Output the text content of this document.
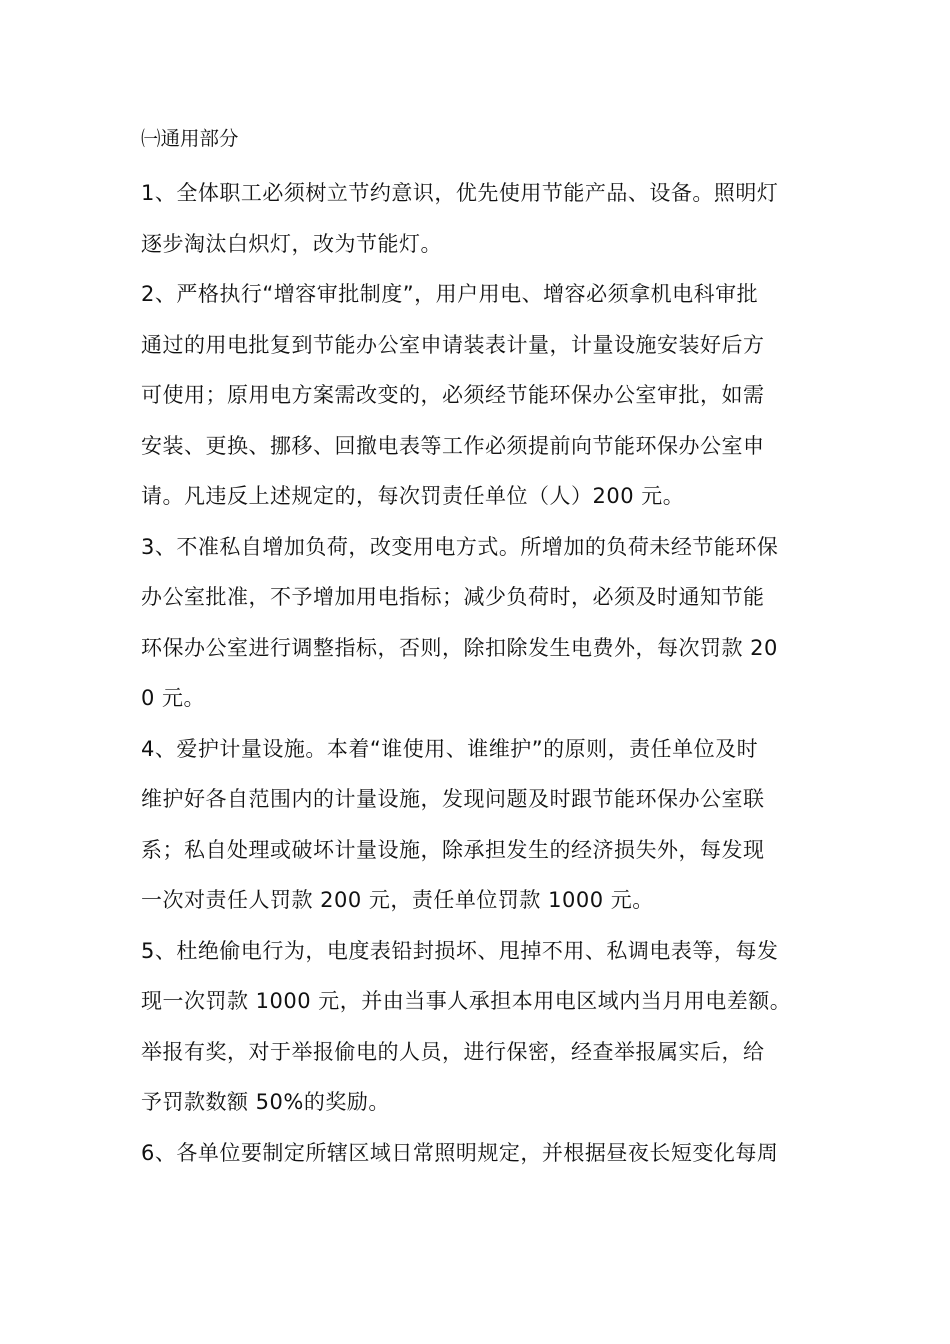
㈠通用部分
1、全体职工必须树立节约意识，优先使用节能产品、设备。照明灯
逐步淘汰白炽灯，改为节能灯。
2、严格执行“增容审批制度”，用户用电、增容必须拿机电科审批
通过的用电批复到节能办公室申请装表计量，计量设施安装好后方
可使用；原用电方案需改变的，必须经节能环保办公室审批，如需
安装、更换、挪移、回撤电表等工作必须提前向节能环保办公室申
请。凡违反上述规定的，每次罚责任单位（人）200 元。
3、不准私自增加负荷，改变用电方式。所增加的负荷未经节能环保
办公室批准，不予增加用电指标；减少负荷时，必须及时通知节能
环保办公室进行调整指标，否则，除扣除发生电费外，每次罚款 20
0 元。
4、爱护计量设施。本着“谁使用、谁维护”的原则，责任单位及时
维护好各自范围内的计量设施，发现问题及时跟节能环保办公室联
系；私自处理或破坏计量设施，除承担发生的经济损失外，每发现
一次对责任人罚款 200 元，责任单位罚款 1000 元。
5、杜绝偷电行为，电度表铅封损坏、甩掉不用、私调电表等，每发
现一次罚款 1000 元，并由当事人承担本用电区域内当月用电差额。
举报有奖，对于举报偷电的人员，进行保密，经查举报属实后，给
予罚款数额 50%的奖励。
6、各单位要制定所辖区域日常照明规定，并根据昼夜长短变化每周
